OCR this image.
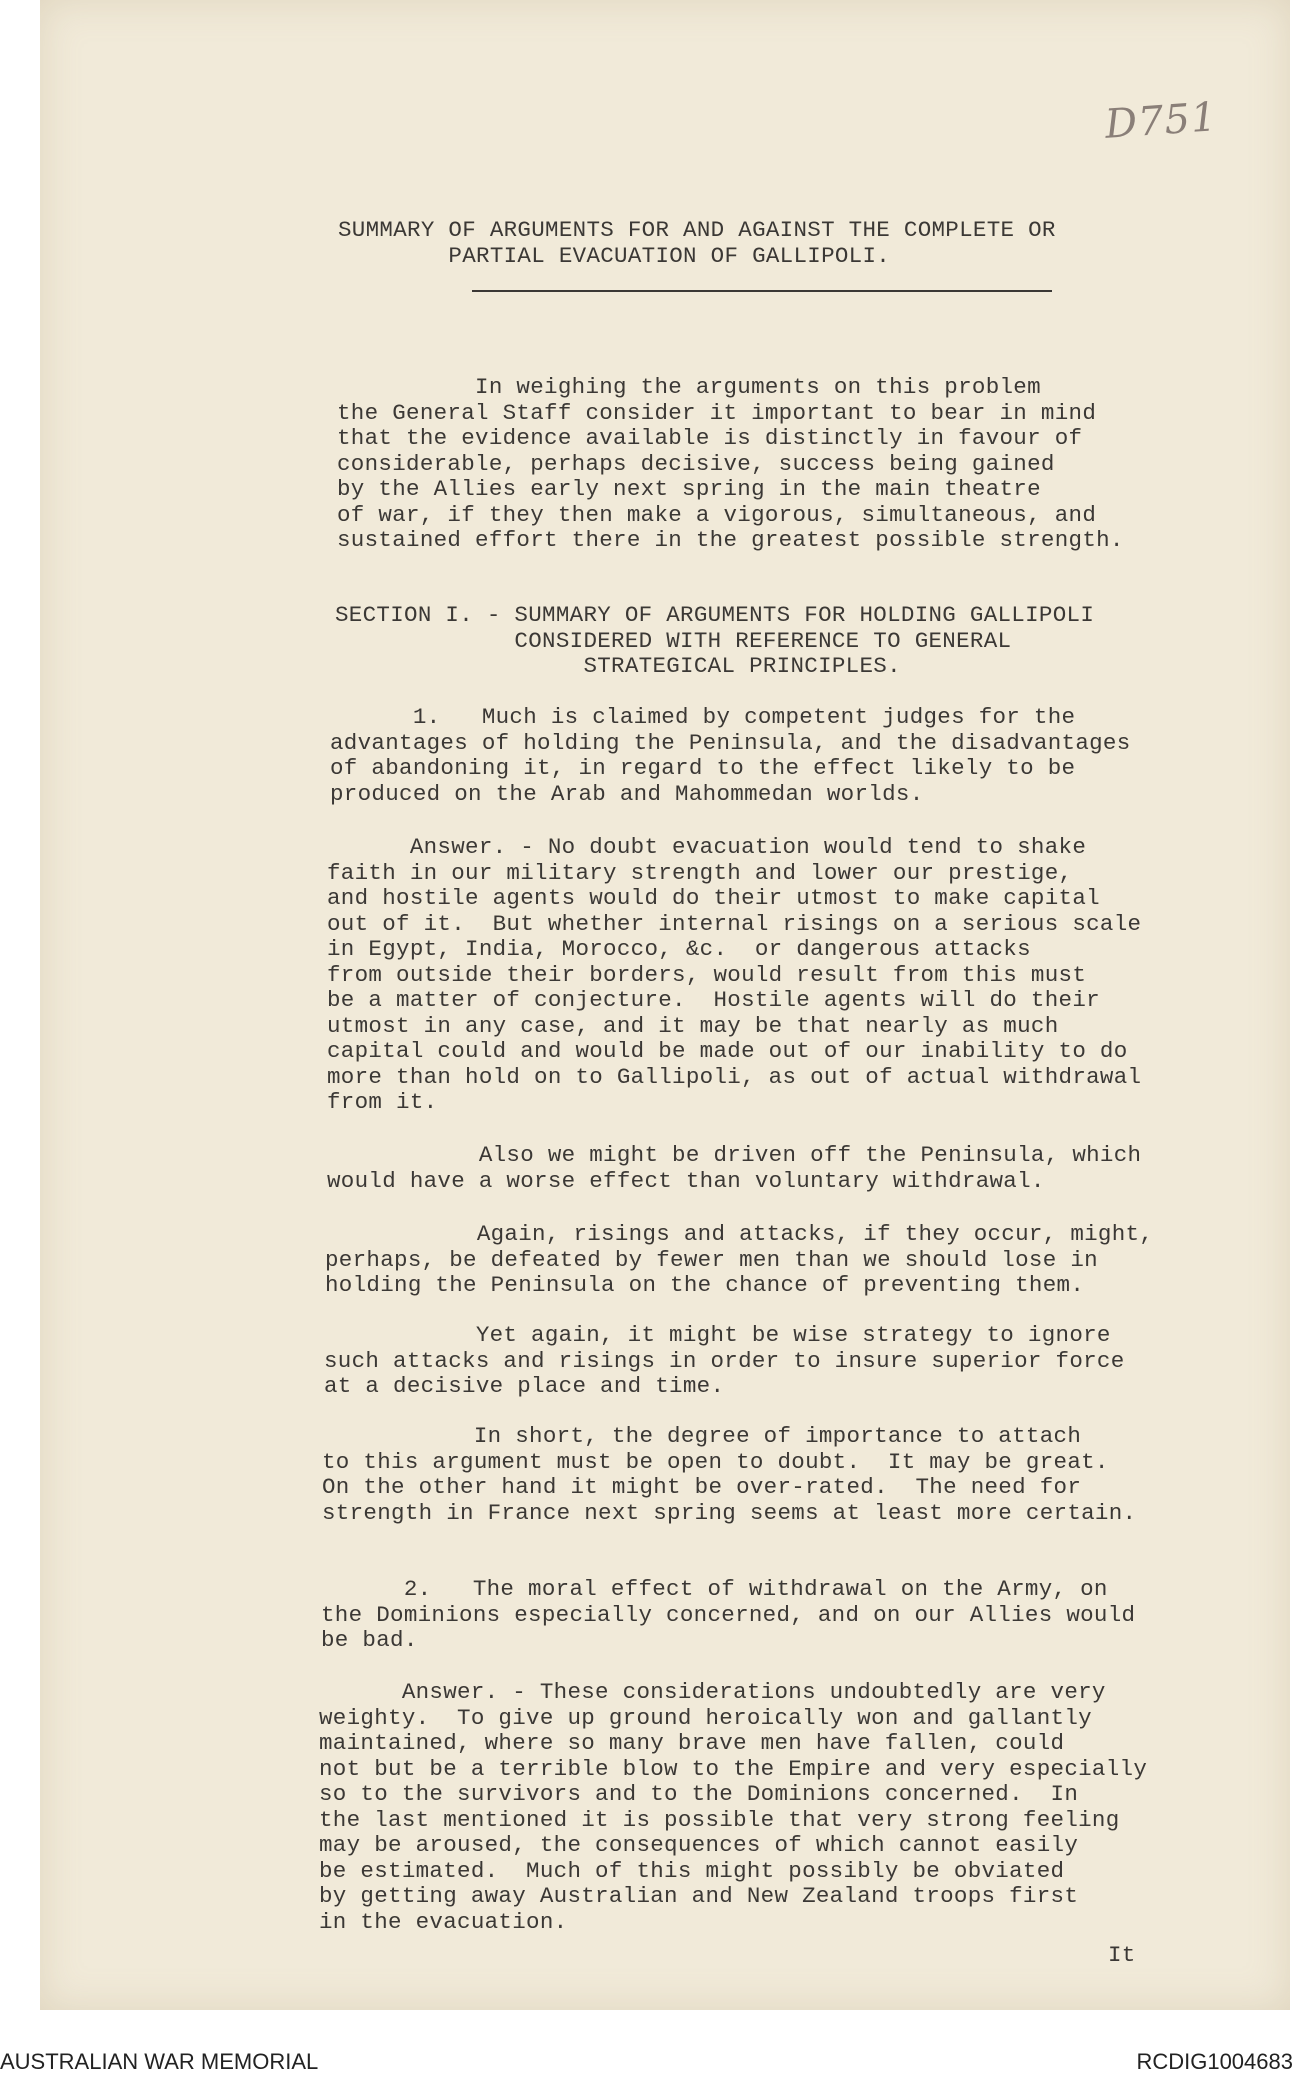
D751
SUMMARY OF ARGUMENTS FOR AND AGAINST THE COMPLETE OR
PARTIAL EVACUATION OF GALLIPOLI.
In weighing the arguments on this problem
the General Staff consider it important to bear in mind
that the evidence available is distinctly in favour of
considerable, perhaps decisive, success being gained
by the Allies early next spring in the main theatre
of war, if they then make a vigorous, simultaneous, and
sustained effort there in the greatest possible strength.
SECTION I. - SUMMARY OF ARGUMENTS FOR HOLDING GALLIPOLI
CONSIDERED WITH REFERENCE TO GENERAL
STRATEGICAL PRINCIPLES.
1.   Much is claimed by competent judges for the
advantages of holding the Peninsula, and the disadvantages
of abandoning it, in regard to the effect likely to be
produced on the Arab and Mahommedan worlds.
Answer. - No doubt evacuation would tend to shake
faith in our military strength and lower our prestige,
and hostile agents would do their utmost to make capital
out of it.  But whether internal risings on a serious scale
in Egypt, India, Morocco, &c.  or dangerous attacks
from outside their borders, would result from this must
be a matter of conjecture.  Hostile agents will do their
utmost in any case, and it may be that nearly as much
capital could and would be made out of our inability to do
more than hold on to Gallipoli, as out of actual withdrawal
from it.
Also we might be driven off the Peninsula, which
would have a worse effect than voluntary withdrawal.
Again, risings and attacks, if they occur, might,
perhaps, be defeated by fewer men than we should lose in
holding the Peninsula on the chance of preventing them.
Yet again, it might be wise strategy to ignore
such attacks and risings in order to insure superior force
at a decisive place and time.
In short, the degree of importance to attach
to this argument must be open to doubt.  It may be great.
On the other hand it might be over-rated.  The need for
strength in France next spring seems at least more certain.
2.   The moral effect of withdrawal on the Army, on
the Dominions especially concerned, and on our Allies would
be bad.
Answer. - These considerations undoubtedly are very
weighty.  To give up ground heroically won and gallantly
maintained, where so many brave men have fallen, could
not but be a terrible blow to the Empire and very especially
so to the survivors and to the Dominions concerned.  In
the last mentioned it is possible that very strong feeling
may be aroused, the consequences of which cannot easily
be estimated.  Much of this might possibly be obviated
by getting away Australian and New Zealand troops first
in the evacuation.
It
AUSTRALIAN WAR MEMORIAL	RCDIG1004683
